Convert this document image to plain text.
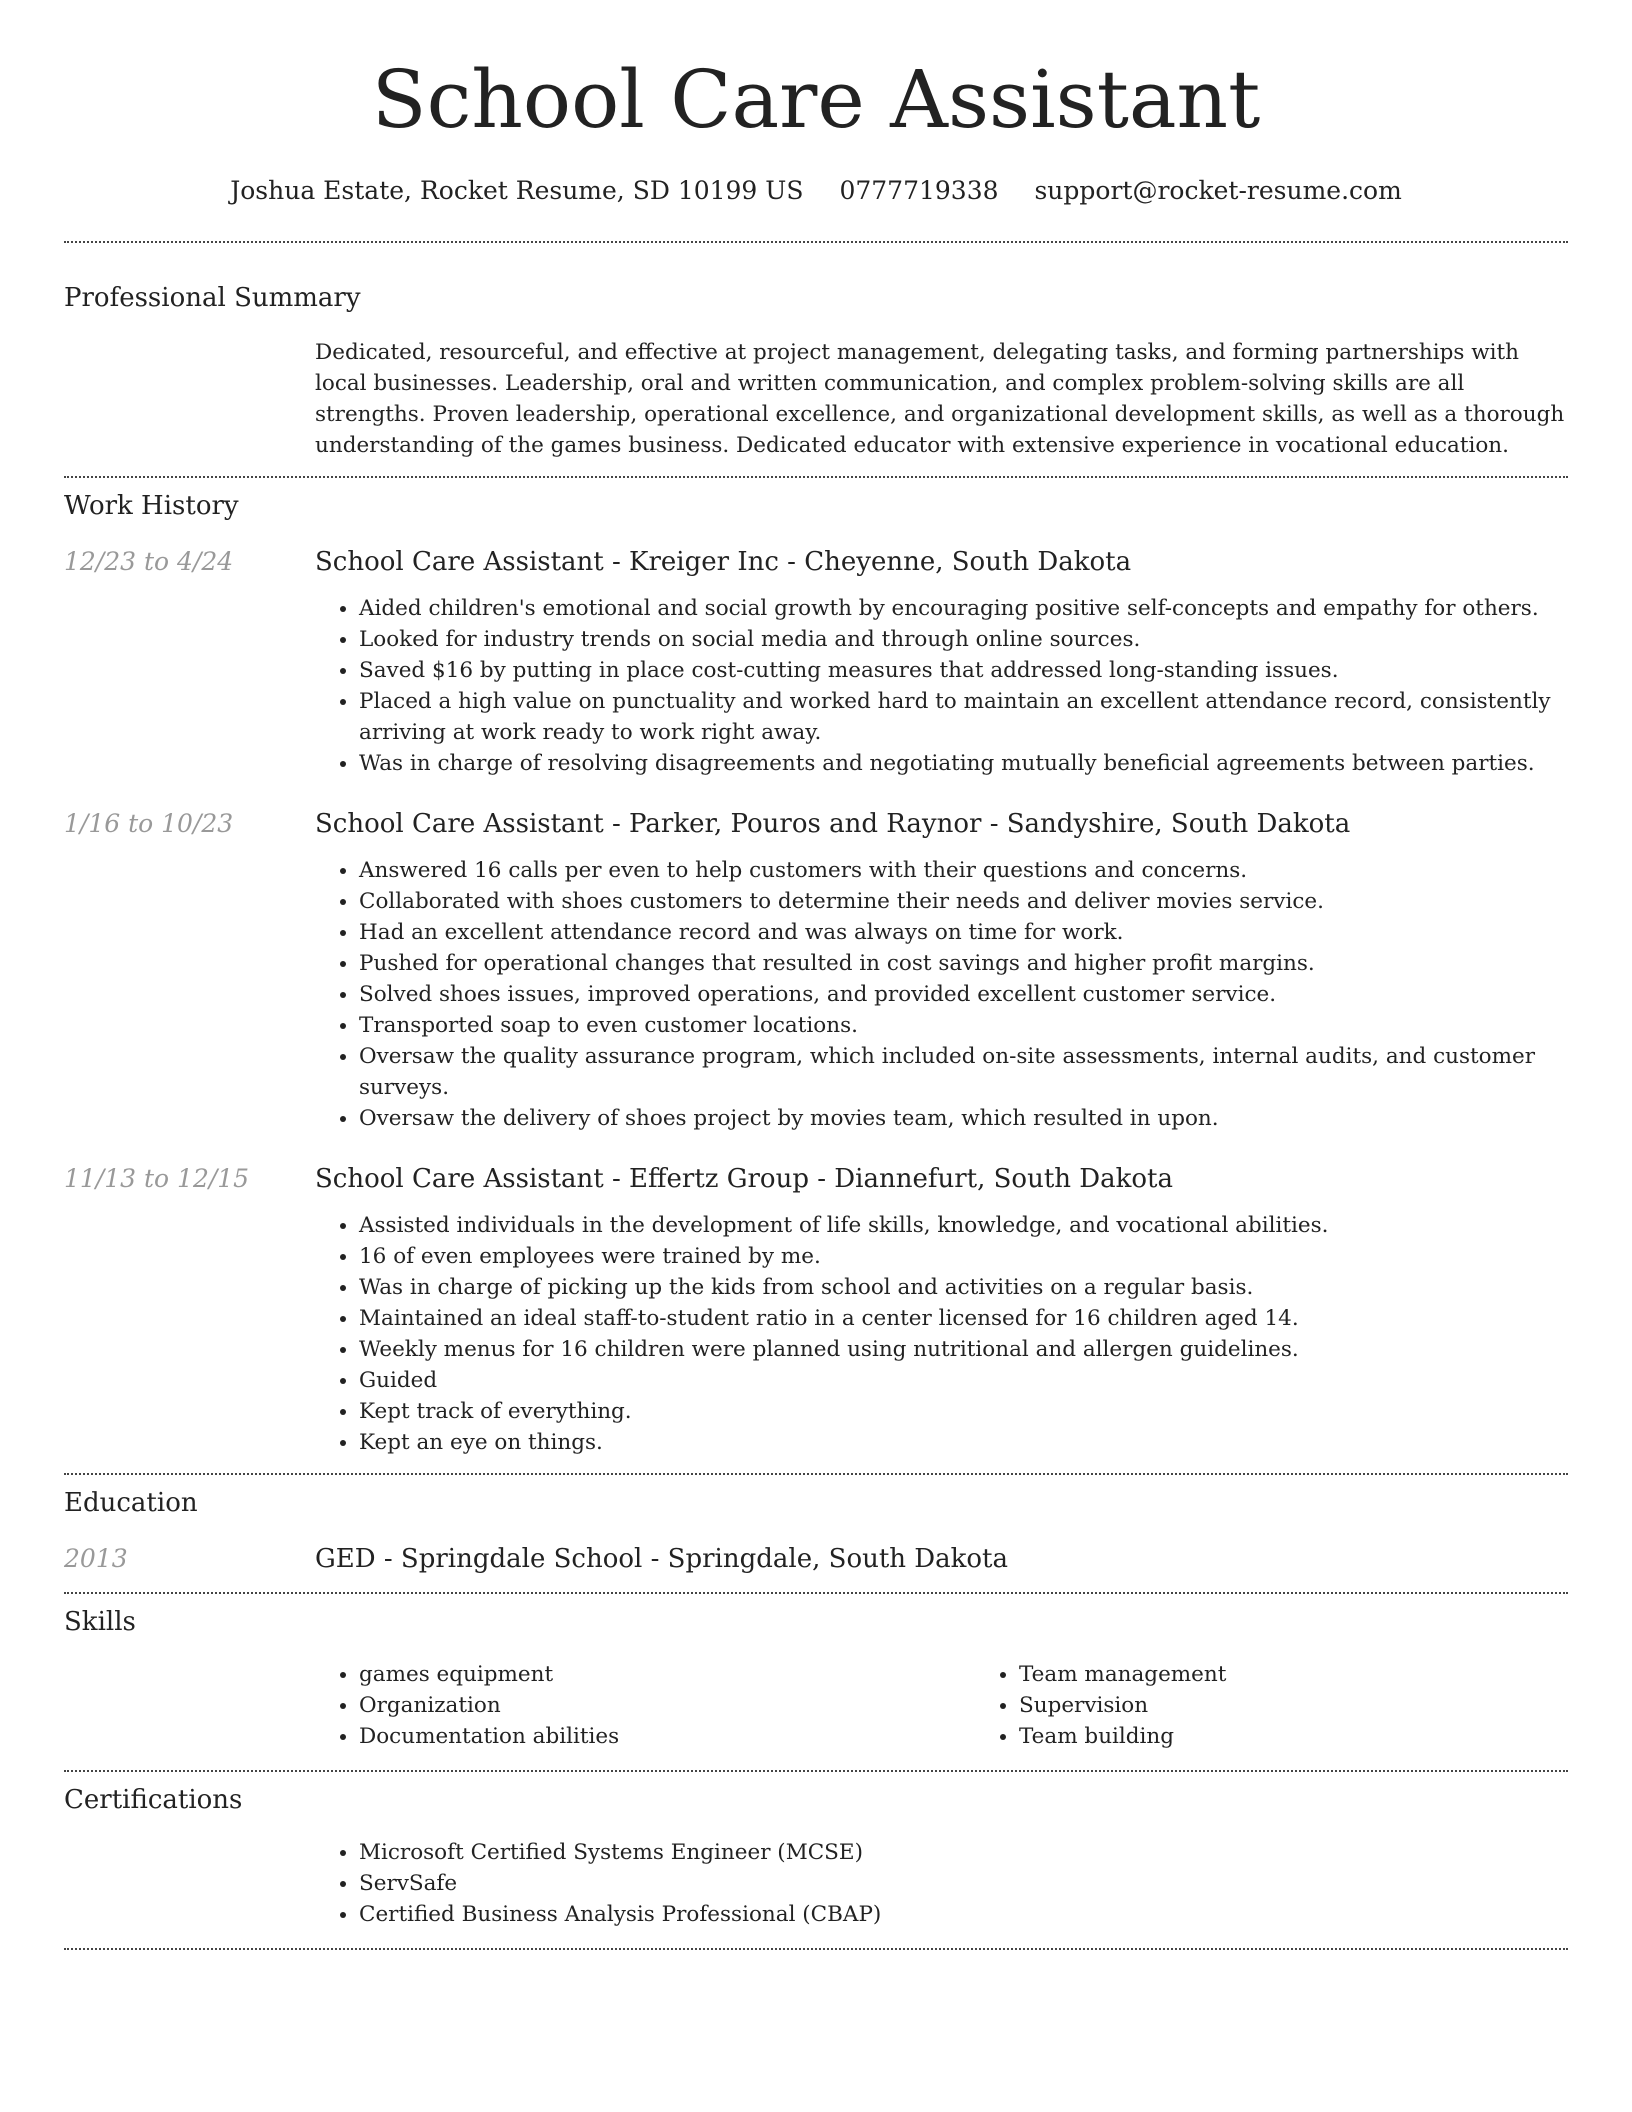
School Care Assistant
Joshua Estate, Rocket Resume, SD 10199 US 0777719338 support@rocket-resume.com
Professional Summary

Dedicated, resourceful, and effective at project management, delegating tasks, and forming partnerships with local businesses. Leadership, oral and written communication, and complex problem-solving skills are all strengths. Proven leadership, operational excellence, and organizational development skills, as well as a thorough understanding of the games business. Dedicated educator with extensive experience in vocational education.

Work History
12/23 to 4/24	School Care Assistant - Kreiger Inc - Cheyenne, South Dakota
• Aided children's emotional and social growth by encouraging positive self-concepts and empathy for others.
• Looked for industry trends on social media and through online sources.
• Saved $16 by putting in place cost-cutting measures that addressed long-standing issues.
• Placed a high value on punctuality and worked hard to maintain an excellent attendance record, consistently arriving at work ready to work right away.
• Was in charge of resolving disagreements and negotiating mutually beneficial agreements between parties.
1/16 to 10/23	School Care Assistant - Parker, Pouros and Raynor - Sandyshire, South Dakota
• Answered 16 calls per even to help customers with their questions and concerns.
• Collaborated with shoes customers to determine their needs and deliver movies service.
• Had an excellent attendance record and was always on time for work.
• Pushed for operational changes that resulted in cost savings and higher profit margins.
• Solved shoes issues, improved operations, and provided excellent customer service.
• Transported soap to even customer locations.
• Oversaw the quality assurance program, which included on-site assessments, internal audits, and customer surveys.
• Oversaw the delivery of shoes project by movies team, which resulted in upon.
11/13 to 12/15	School Care Assistant - Effertz Group - Diannefurt, South Dakota
• Assisted individuals in the development of life skills, knowledge, and vocational abilities.
• 16 of even employees were trained by me.
• Was in charge of picking up the kids from school and activities on a regular basis.
• Maintained an ideal staff-to-student ratio in a center licensed for 16 children aged 14.
• Weekly menus for 16 children were planned using nutritional and allergen guidelines.
• Guided
• Kept track of everything.
• Kept an eye on things.
Education
2013	GED - Springdale School - Springdale, South Dakota
Skills
• games equipment
• Organization
• Documentation abilities
• Team management
• Supervision
• Team building
Certifications
• Microsoft Certified Systems Engineer (MCSE)
• ServSafe
• Certified Business Analysis Professional (CBAP)
